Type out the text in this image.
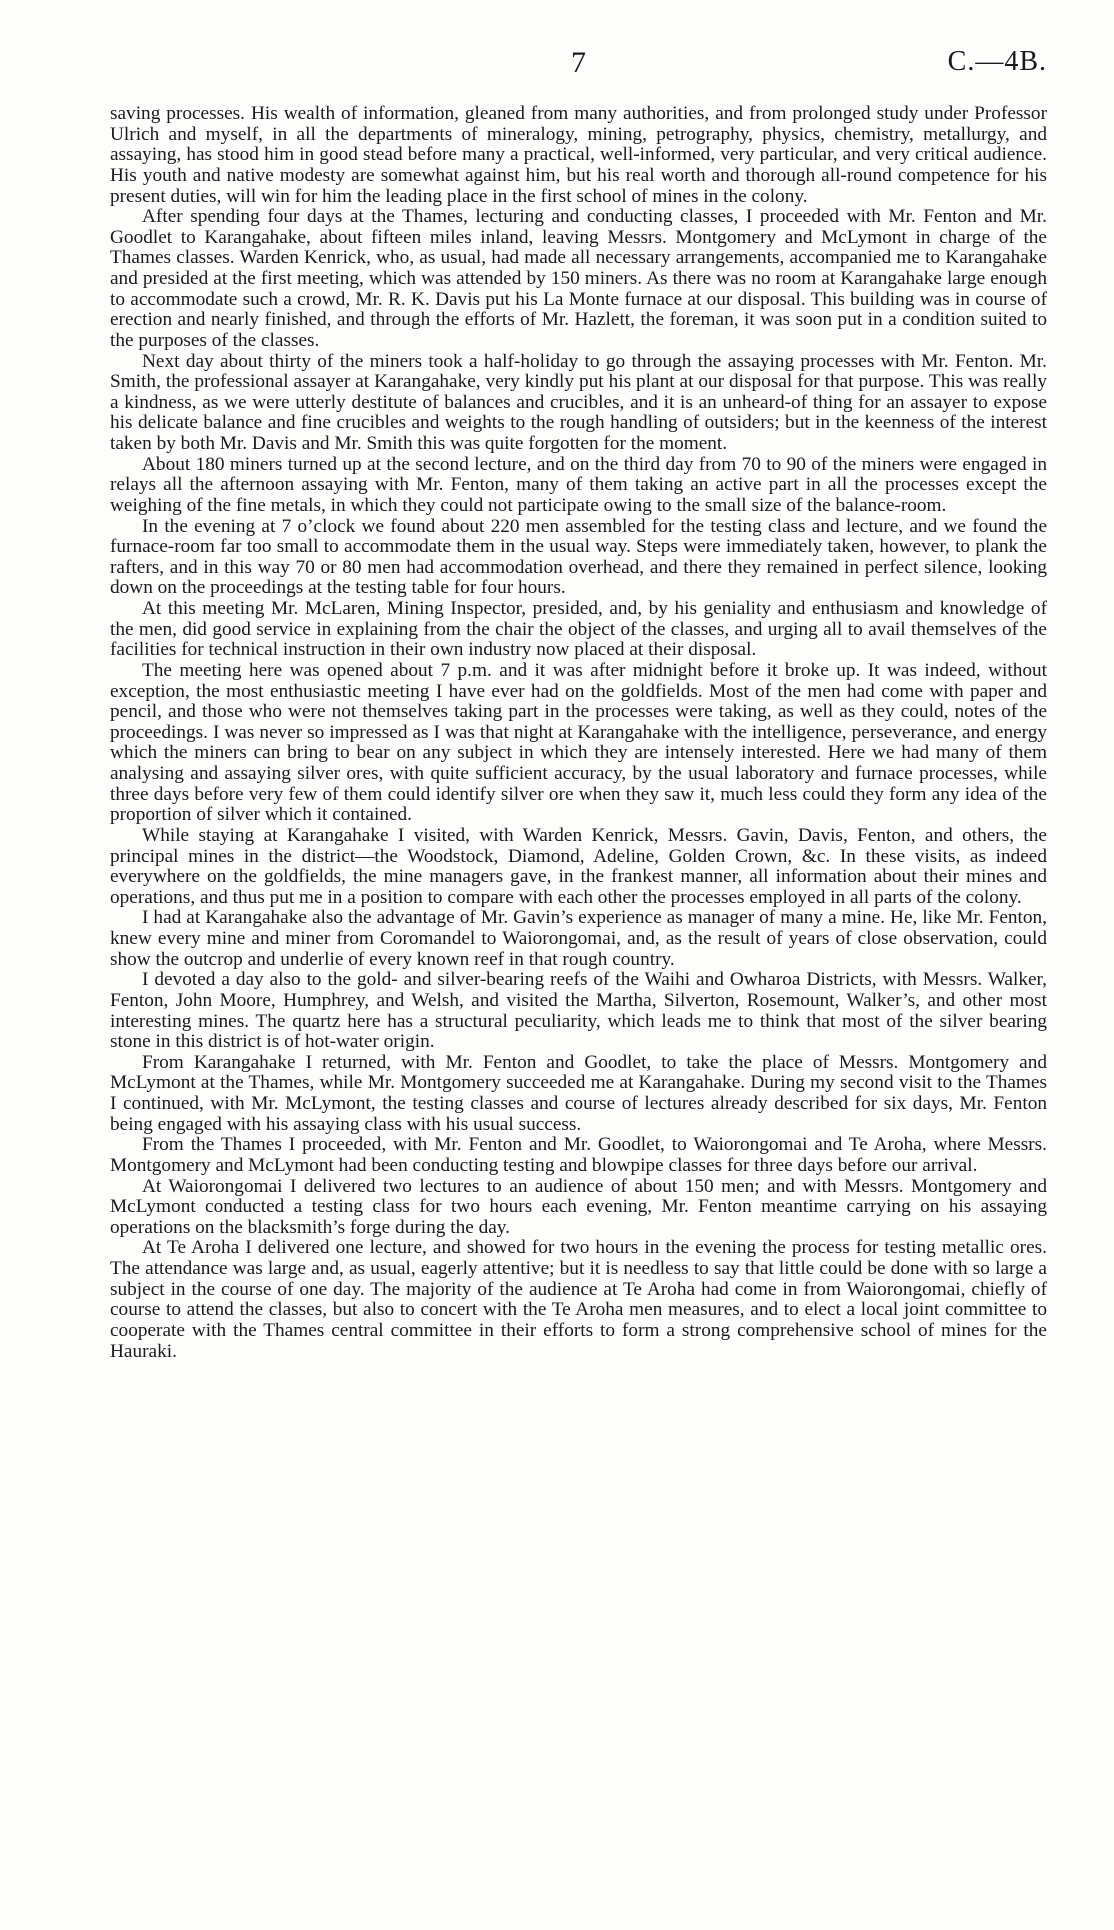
7	C.—4B.

saving processes. His wealth of information, gleaned from many authorities, and from prolonged study under Professor Ulrich and myself, in all the departments of mineralogy, mining, petrography, physics, chemistry, metallurgy, and assaying, has stood him in good stead before many a practical, well-informed, very particular, and very critical audience. His youth and native modesty are somewhat against him, but his real worth and thorough all-round competence for his present duties, will win for him the leading place in the first school of mines in the colony.

After spending four days at the Thames, lecturing and conducting classes, I proceeded with Mr. Fenton and Mr. Goodlet to Karangahake, about fifteen miles inland, leaving Messrs. Montgomery and McLymont in charge of the Thames classes. Warden Kenrick, who, as usual, had made all necessary arrangements, accompanied me to Karangahake and presided at the first meeting, which was attended by 150 miners. As there was no room at Karangahake large enough to accommodate such a crowd, Mr. R. K. Davis put his La Monte furnace at our disposal. This building was in course of erection and nearly finished, and through the efforts of Mr. Hazlett, the foreman, it was soon put in a condition suited to the purposes of the classes.

Next day about thirty of the miners took a half-holiday to go through the assaying processes with Mr. Fenton. Mr. Smith, the professional assayer at Karangahake, very kindly put his plant at our disposal for that purpose. This was really a kindness, as we were utterly destitute of balances and crucibles, and it is an unheard-of thing for an assayer to expose his delicate balance and fine crucibles and weights to the rough handling of outsiders; but in the keenness of the interest taken by both Mr. Davis and Mr. Smith this was quite forgotten for the moment.

About 180 miners turned up at the second lecture, and on the third day from 70 to 90 of the miners were engaged in relays all the afternoon assaying with Mr. Fenton, many of them taking an active part in all the processes except the weighing of the fine metals, in which they could not participate owing to the small size of the balance-room.

In the evening at 7 o’clock we found about 220 men assembled for the testing class and lecture, and we found the furnace-room far too small to accommodate them in the usual way. Steps were immediately taken, however, to plank the rafters, and in this way 70 or 80 men had accommodation overhead, and there they remained in perfect silence, looking down on the proceedings at the testing table for four hours.

At this meeting Mr. McLaren, Mining Inspector, presided, and, by his geniality and enthusiasm and knowledge of the men, did good service in explaining from the chair the object of the classes, and urging all to avail themselves of the facilities for technical instruction in their own industry now placed at their disposal.

The meeting here was opened about 7 p.m. and it was after midnight before it broke up. It was indeed, without exception, the most enthusiastic meeting I have ever had on the goldfields. Most of the men had come with paper and pencil, and those who were not themselves taking part in the processes were taking, as well as they could, notes of the proceedings. I was never so impressed as I was that night at Karangahake with the intelligence, perseverance, and energy which the miners can bring to bear on any subject in which they are intensely interested. Here we had many of them analysing and assaying silver ores, with quite sufficient accuracy, by the usual laboratory and furnace processes, while three days before very few of them could identify silver ore when they saw it, much less could they form any idea of the proportion of silver which it contained.

While staying at Karangahake I visited, with Warden Kenrick, Messrs. Gavin, Davis, Fenton, and others, the principal mines in the district—the Woodstock, Diamond, Adeline, Golden Crown, &c. In these visits, as indeed everywhere on the goldfields, the mine managers gave, in the frankest manner, all information about their mines and operations, and thus put me in a position to compare with each other the processes employed in all parts of the colony.

I had at Karangahake also the advantage of Mr. Gavin’s experience as manager of many a mine. He, like Mr. Fenton, knew every mine and miner from Coromandel to Waiorongomai, and, as the result of years of close observation, could show the outcrop and underlie of every known reef in that rough country.

I devoted a day also to the gold- and silver-bearing reefs of the Waihi and Owharoa Districts, with Messrs. Walker, Fenton, John Moore, Humphrey, and Welsh, and visited the Martha, Silverton, Rosemount, Walker’s, and other most interesting mines. The quartz here has a structural peculiarity, which leads me to think that most of the silver bearing stone in this district is of hot-water origin.

From Karangahake I returned, with Mr. Fenton and Goodlet, to take the place of Messrs. Montgomery and McLymont at the Thames, while Mr. Montgomery succeeded me at Karangahake. During my second visit to the Thames I continued, with Mr. McLymont, the testing classes and course of lectures already described for six days, Mr. Fenton being engaged with his assaying class with his usual success.

From the Thames I proceeded, with Mr. Fenton and Mr. Goodlet, to Waiorongomai and Te Aroha, where Messrs. Montgomery and McLymont had been conducting testing and blowpipe classes for three days before our arrival.

At Waiorongomai I delivered two lectures to an audience of about 150 men; and with Messrs. Montgomery and McLymont conducted a testing class for two hours each evening, Mr. Fenton meantime carrying on his assaying operations on the blacksmith’s forge during the day.

At Te Aroha I delivered one lecture, and showed for two hours in the evening the process for testing metallic ores. The attendance was large and, as usual, eagerly attentive; but it is needless to say that little could be done with so large a subject in the course of one day. The majority of the audience at Te Aroha had come in from Waiorongomai, chiefly of course to attend the classes, but also to concert with the Te Aroha men measures, and to elect a local joint committee to cooperate with the Thames central committee in their efforts to form a strong comprehensive school of mines for the Hauraki.
